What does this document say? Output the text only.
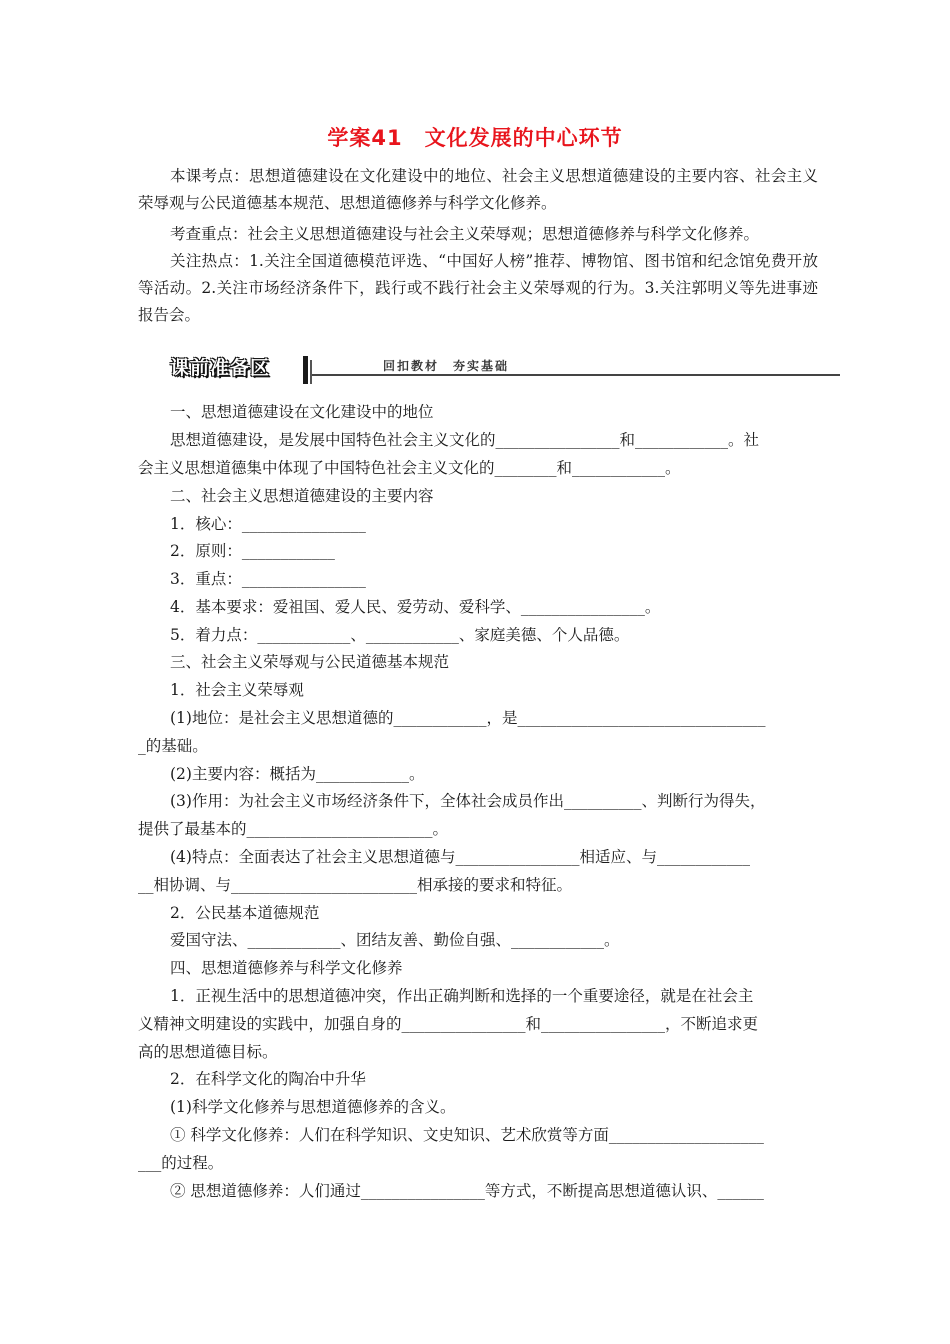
学案41　文化发展的中心环节

本课考点：思想道德建设在文化建设中的地位、社会主义思想道德建设的主要内容、社会主义荣辱观与公民道德基本规范、思想道德修养与科学文化修养。

考查重点：社会主义思想道德建设与社会主义荣辱观；思想道德修养与科学文化修养。

关注热点：1.关注全国道德模范评选、“中国好人榜”推荐、博物馆、图书馆和纪念馆免费开放等活动。2.关注市场经济条件下，践行或不践行社会主义荣辱观的行为。3.关注郭明义等先进事迹报告会。

课前准备区	回扣教材　夯实基础

一、思想道德建设在文化建设中的地位

思想道德建设，是发展中国特色社会主义文化的________________和____________。社

会主义思想道德集中体现了中国特色社会主义文化的________和____________。

二、社会主义思想道德建设的主要内容

1．核心：________________

2．原则：____________

3．重点：________________

4．基本要求：爱祖国、爱人民、爱劳动、爱科学、________________。

5．着力点：____________、____________、家庭美德、个人品德。

三、社会主义荣辱观与公民道德基本规范

1．社会主义荣辱观

(1)地位：是社会主义思想道德的____________，是________________________________

_的基础。

(2)主要内容：概括为____________。

(3)作用：为社会主义市场经济条件下，全体社会成员作出__________、判断行为得失，

提供了最基本的________________________。

(4)特点：全面表达了社会主义思想道德与________________相适应、与____________

__相协调、与________________________相承接的要求和特征。

2．公民基本道德规范

爱国守法、____________、团结友善、勤俭自强、____________。

四、思想道德修养与科学文化修养

1．正视生活中的思想道德冲突，作出正确判断和选择的一个重要途径，就是在社会主

义精神文明建设的实践中，加强自身的________________和________________，不断追求更

高的思想道德目标。

2．在科学文化的陶冶中升华

(1)科学文化修养与思想道德修养的含义。

① 科学文化修养：人们在科学知识、文史知识、艺术欣赏等方面____________________

___的过程。

② 思想道德修养：人们通过________________等方式，不断提高思想道德认识、______
